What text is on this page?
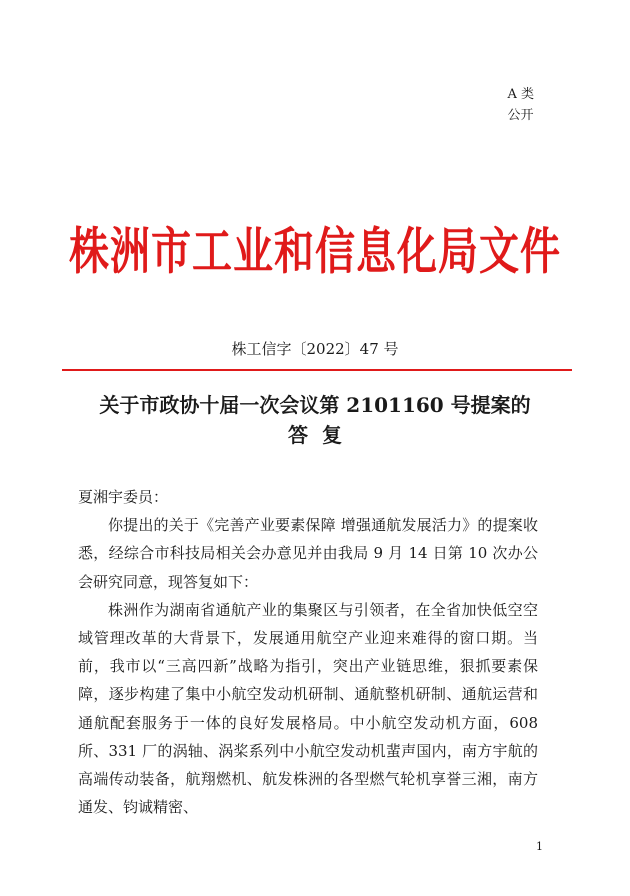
A 类
公开
株洲市工业和信息化局文件
株工信字〔2022〕47 号
关于市政协十届一次会议第 2101160 号提案的
答复

夏湘宇委员：

你提出的关于《完善产业要素保障 增强通航发展活力》的提案收悉，经综合市科技局相关会办意见并由我局 9 月 14 日第 10 次办公会研究同意，现答复如下：

株洲作为湖南省通航产业的集聚区与引领者，在全省加快低空空域管理改革的大背景下，发展通用航空产业迎来难得的窗口期。当前，我市以“三高四新”战略为指引，突出产业链思维，狠抓要素保障，逐步构建了集中小航空发动机研制、通航整机研制、通航运营和通航配套服务于一体的良好发展格局。中小航空发动机方面，608 所、331 厂的涡轴、涡桨系列中小航空发动机蜚声国内，南方宇航的高端传动装备，航翔燃机、航发株洲的各型燃气轮机享誉三湘，南方通发、钧诚精密、

1
